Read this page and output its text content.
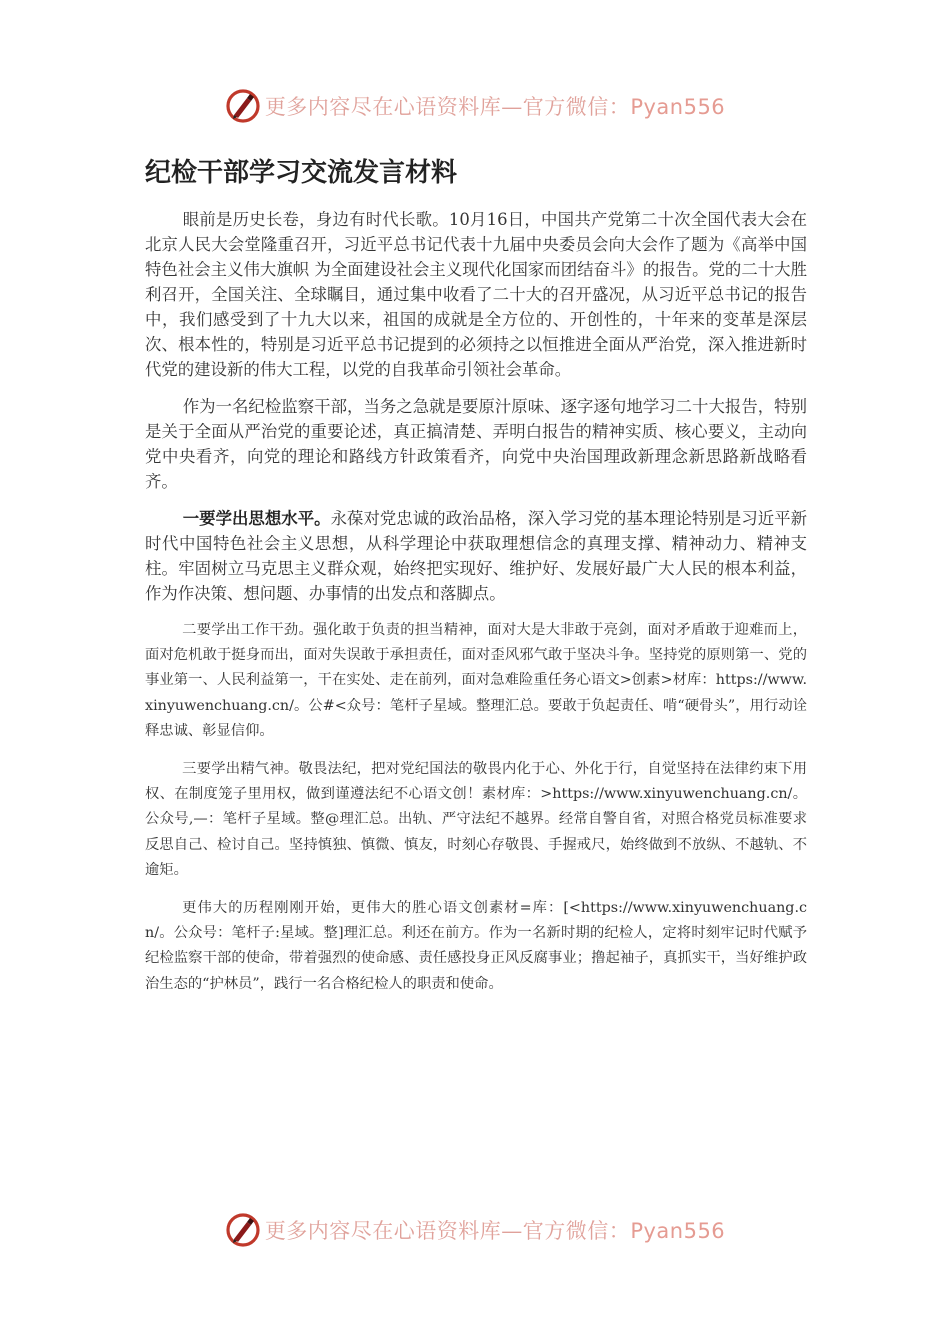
更多内容尽在心语资料库—官方微信：Pyan556
纪检干部学习交流发言材料

眼前是历史长卷，身边有时代长歌。10月16日，中国共产党第二十次全国代表大会在北京人民大会堂隆重召开，习近平总书记代表十九届中央委员会向大会作了题为《高举中国特色社会主义伟大旗帜 为全面建设社会主义现代化国家而团结奋斗》的报告。党的二十大胜利召开，全国关注、全球瞩目，通过集中收看了二十大的召开盛况，从习近平总书记的报告中，我们感受到了十九大以来，祖国的成就是全方位的、开创性的，十年来的变革是深层次、根本性的，特别是习近平总书记提到的必须持之以恒推进全面从严治党，深入推进新时代党的建设新的伟大工程，以党的自我革命引领社会革命。

作为一名纪检监察干部，当务之急就是要原汁原味、逐字逐句地学习二十大报告，特别是关于全面从严治党的重要论述，真正搞清楚、弄明白报告的精神实质、核心要义，主动向党中央看齐，向党的理论和路线方针政策看齐，向党中央治国理政新理念新思路新战略看齐。

一要学出思想水平。永葆对党忠诚的政治品格，深入学习党的基本理论特别是习近平新时代中国特色社会主义思想，从科学理论中获取理想信念的真理支撑、精神动力、精神支柱。牢固树立马克思主义群众观，始终把实现好、维护好、发展好最广大人民的根本利益，作为作决策、想问题、办事情的出发点和落脚点。

二要学出工作干劲。强化敢于负责的担当精神，面对大是大非敢于亮剑，面对矛盾敢于迎难而上，面对危机敢于挺身而出，面对失误敢于承担责任，面对歪风邪气敢于坚决斗争。坚持党的原则第一、党的事业第一、人民利益第一，干在实处、走在前列，面对急难险重任务心语文>创素>材库：https://www.xinyuwenchuang.cn/。公#<众号：笔杆子星域。整理汇总。要敢于负起责任、啃“硬骨头”，用行动诠释忠诚、彰显信仰。

三要学出精气神。敬畏法纪，把对党纪国法的敬畏内化于心、外化于行，自觉坚持在法律约束下用权、在制度笼子里用权，做到谨遵法纪不心语文创！素材库：>https://www.xinyuwenchuang.cn/。公众号,—：笔杆子星域。整@理汇总。出轨、严守法纪不越界。经常自警自省，对照合格党员标准要求反思自己、检讨自己。坚持慎独、慎微、慎友，时刻心存敬畏、手握戒尺，始终做到不放纵、不越轨、不逾矩。

更伟大的历程刚刚开始，更伟大的胜心语文创素材=库：[<https://www.xinyuwenchuang.cn/。公众号：笔杆子:星域。整]理汇总。利还在前方。作为一名新时期的纪检人，定将时刻牢记时代赋予纪检监察干部的使命，带着强烈的使命感、责任感投身正风反腐事业；撸起袖子，真抓实干，当好维护政治生态的“护林员”，践行一名合格纪检人的职责和使命。

更多内容尽在心语资料库—官方微信：Pyan556
